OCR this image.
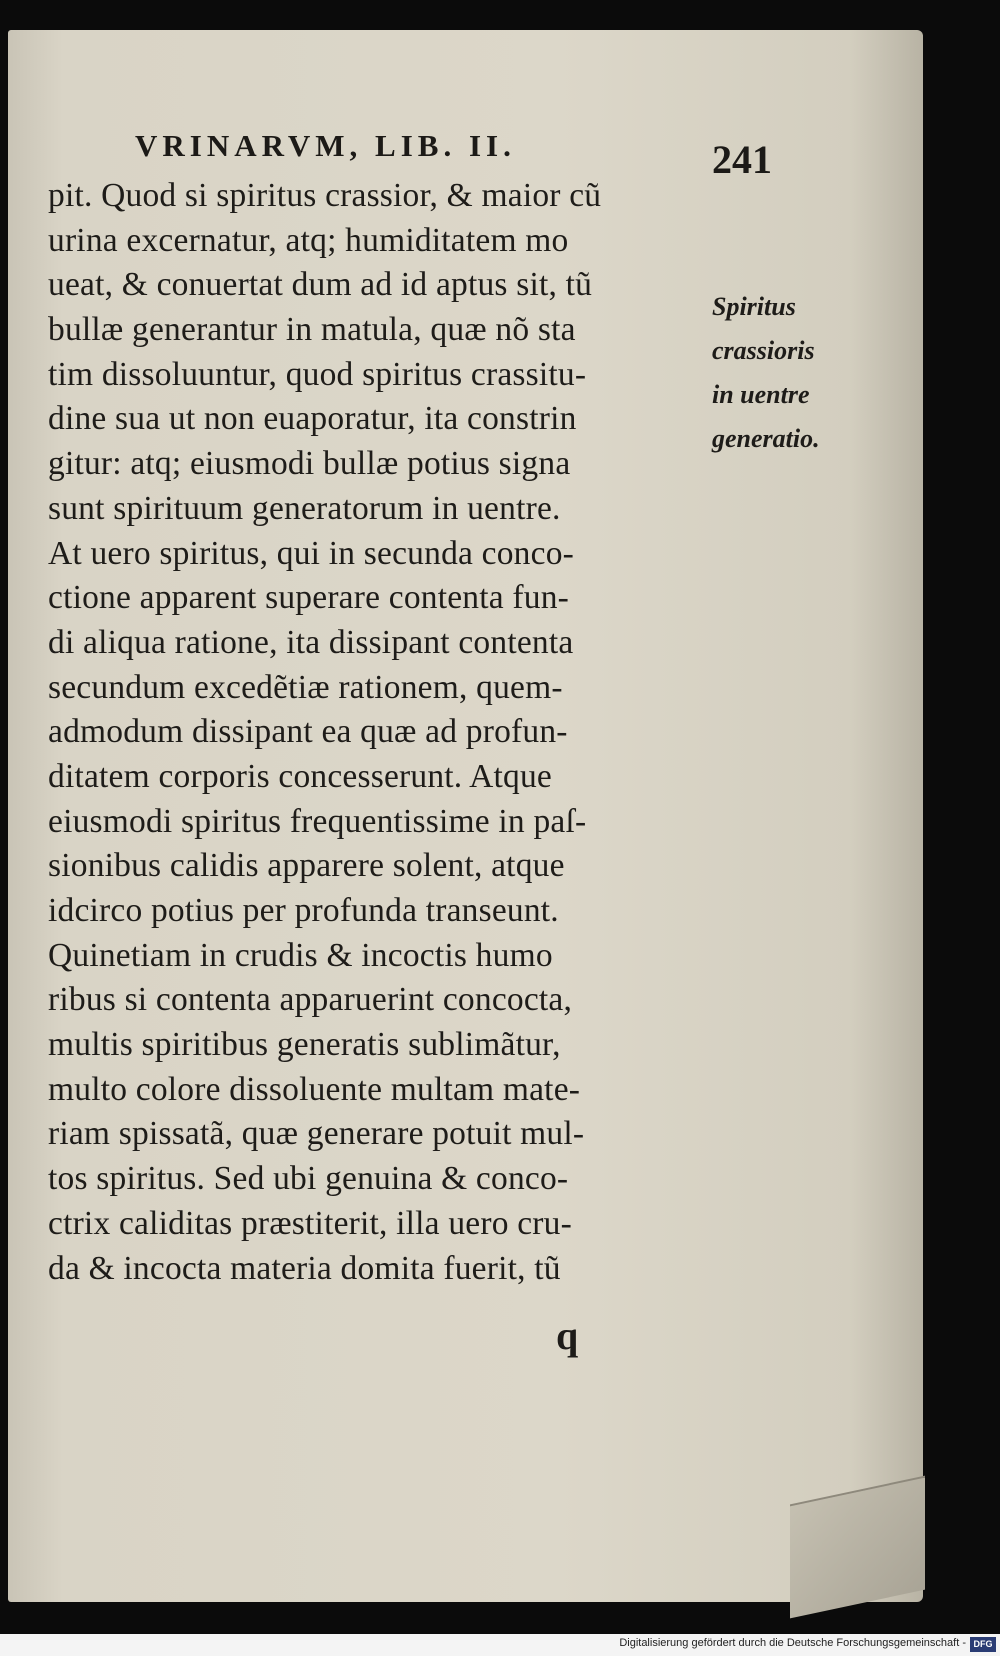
VRINARVM, LIB. II.	241
pit. Quod si spiritus crassior, & maior cũ
urina excernatur, atq; humiditatem mo
ueat, & conuertat dum ad id aptus sit, tũ
bullæ generantur in matula, quæ nõ sta
tim dissoluuntur, quod spiritus crassitu-
dine sua ut non euaporatur, ita constrin
gitur: atq; eiusmodi bullæ potius signa
sunt spirituum generatorum in uentre.
At uero spiritus, qui in secunda conco-
ctione apparent superare contenta fun-
di aliqua ratione, ita dissipant contenta
secundum excedẽtiæ rationem, quem-
admodum dissipant ea quæ ad profun-
ditatem corporis concesserunt. Atque
eiusmodi spiritus frequentissime in paſ-
sionibus calidis apparere solent, atque
idcirco potius per profunda transeunt.
Quinetiam in crudis & incoctis humo
ribus si contenta apparuerint concocta,
multis spiritibus generatis sublimãtur,
multo colore dissoluente multam mate-
riam spissatã, quæ generare potuit mul-
tos spiritus. Sed ubi genuina & conco-
ctrix caliditas præstiterit, illa uero cru-
da & incocta materia domita fuerit, tũ
Spiritus
crassioris
in uentre
generatio.
q
Digitalisierung gefördert durch die Deutsche Forschungsgemeinschaft - DFG
